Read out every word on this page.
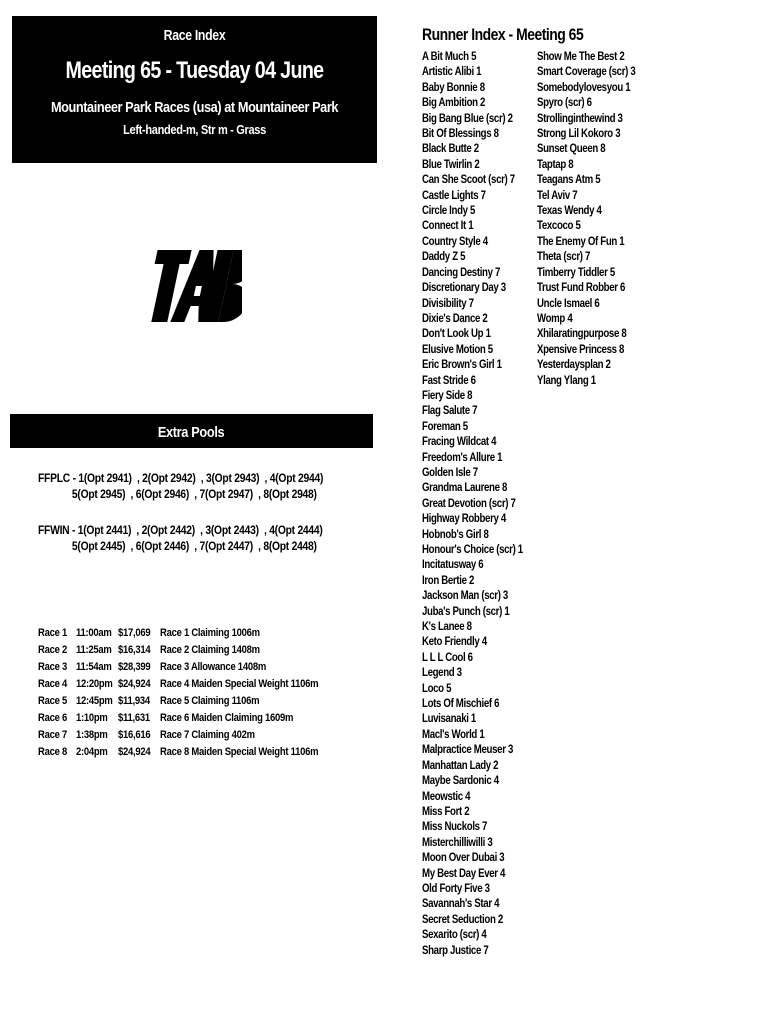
Race Index
Meeting 65 - Tuesday 04 June
Mountaineer Park Races (usa) at Mountaineer Park
Left-handed-m, Str m - Grass
TAB
Extra Pools
FFPLC - 1(Opt 2941)  , 2(Opt 2942)  , 3(Opt 2943)  , 4(Opt 2944)
5(Opt 2945)  , 6(Opt 2946)  , 7(Opt 2947)  , 8(Opt 2948)
FFWIN - 1(Opt 2441)  , 2(Opt 2442)  , 3(Opt 2443)  , 4(Opt 2444)
5(Opt 2445)  , 6(Opt 2446)  , 7(Opt 2447)  , 8(Opt 2448)
Race 1 11:00am $17,069 Race 1 Claiming 1006m
Race 2 11:25am $16,314 Race 2 Claiming 1408m
Race 3 11:54am $28,399 Race 3 Allowance 1408m
Race 4 12:20pm $24,924 Race 4 Maiden Special Weight 1106m
Race 5 12:45pm $11,934 Race 5 Claiming 1106m
Race 6 1:10pm $11,631 Race 6 Maiden Claiming 1609m
Race 7 1:38pm $16,616 Race 7 Claiming 402m
Race 8 2:04pm $24,924 Race 8 Maiden Special Weight 1106m
Runner Index - Meeting 65
A Bit Much 5
Artistic Alibi 1
Baby Bonnie 8
Big Ambition 2
Big Bang Blue (scr) 2
Bit Of Blessings 8
Black Butte 2
Blue Twirlin 2
Can She Scoot (scr) 7
Castle Lights 7
Circle Indy 5
Connect It 1
Country Style 4
Daddy Z 5
Dancing Destiny 7
Discretionary Day 3
Divisibility 7
Dixie's Dance 2
Don't Look Up 1
Elusive Motion 5
Eric Brown's Girl 1
Fast Stride 6
Fiery Side 8
Flag Salute 7
Foreman 5
Fracing Wildcat 4
Freedom's Allure 1
Golden Isle 7
Grandma Laurene 8
Great Devotion (scr) 7
Highway Robbery 4
Hobnob's Girl 8
Honour's Choice (scr) 1
Incitatusway 6
Iron Bertie 2
Jackson Man (scr) 3
Juba's Punch (scr) 1
K's Lanee 8
Keto Friendly 4
L L L Cool 6
Legend 3
Loco 5
Lots Of Mischief 6
Luvisanaki 1
Macl's World 1
Malpractice Meuser 3
Manhattan Lady 2
Maybe Sardonic 4
Meowstic 4
Miss Fort 2
Miss Nuckols 7
Misterchilliwilli 3
Moon Over Dubai 3
My Best Day Ever 4
Old Forty Five 3
Savannah's Star 4
Secret Seduction 2
Sexarito (scr) 4
Sharp Justice 7
Show Me The Best 2
Smart Coverage (scr) 3
Somebodylovesyou 1
Spyro (scr) 6
Strollinginthewind 3
Strong Lil Kokoro 3
Sunset Queen 8
Taptap 8
Teagans Atm 5
Tel Aviv 7
Texas Wendy 4
Texcoco 5
The Enemy Of Fun 1
Theta (scr) 7
Timberry Tiddler 5
Trust Fund Robber 6
Uncle Ismael 6
Womp 4
Xhilaratingpurpose 8
Xpensive Princess 8
Yesterdaysplan 2
Ylang Ylang 1
